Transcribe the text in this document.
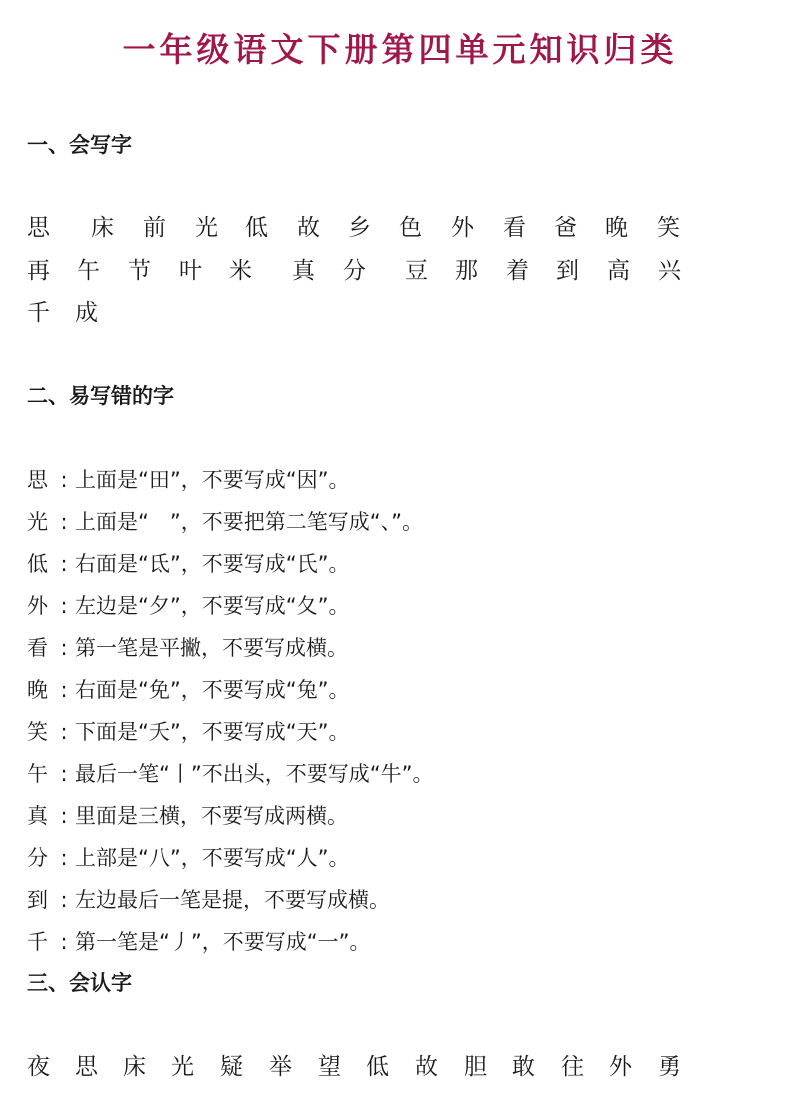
一年级语文下册第四单元知识归类
一、会写字
思 床 前 光 低 故 乡 色 外 看 爸 晚 笑
再 午 节 叶 米 真 分 豆 那 着 到 高 兴
千 成
二、易写错的字
思 : 上面是“田”，不要写成“因”。
光 : 上面是“　”，不要把第二笔写成“、”。
低 : 右面是“氐”，不要写成“氏”。
外 : 左边是“夕”，不要写成“夂”。
看 : 第一笔是平撇，不要写成横。
晚 : 右面是“免”，不要写成“兔”。
笑 : 下面是“夭”，不要写成“天”。
午 : 最后一笔“丨”不出头，不要写成“牛”。
真 : 里面是三横，不要写成两横。
分 : 上部是“八”，不要写成“人”。
到 : 左边最后一笔是提，不要写成横。
千 : 第一笔是“丿”，不要写成“一”。
三、会认字
夜 思 床 光 疑 举 望 低 故 胆 敢 往 外 勇
